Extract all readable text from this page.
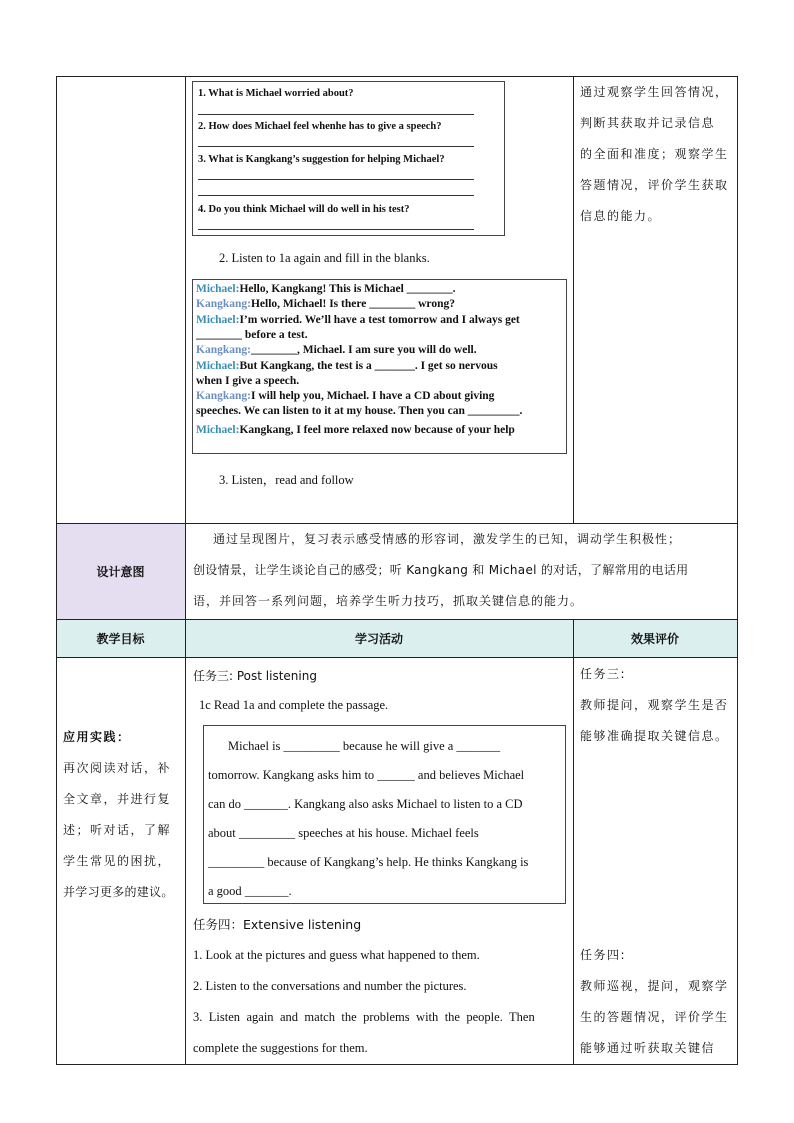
1. What is Michael worried about?
2. How does Michael feel whenhe has to give a speech?
3. What is Kangkang’s suggestion for helping Michael?
4. Do you think Michael will do well in his test?
2. Listen to 1a again and fill in the blanks.
Michael:Hello, Kangkang! This is Michael ________.
Kangkang:Hello, Michael! Is there ________ wrong?
Michael:I’m worried. We’ll have a test tomorrow and I always get
________ before a test.
Kangkang:________, Michael. I am sure you will do well.
Michael:But Kangkang, the test is a _______. I get so nervous
when I give a speech.
Kangkang:I will help you, Michael. I have a CD about giving
speeches. We can listen to it at my house. Then you can _________.
Michael:Kangkang, I feel more relaxed now because of your help
3. Listen，read and follow
通过观察学生回答情况，
判断其获取并记录信息
的全面和准度；观察学生
答题情况，评价学生获取
信息的能力。
设计意图
通过呈现图片，复习表示感受情感的形容词，激发学生的已知，调动学生积极性；
创设情景，让学生谈论自己的感受；听 Kangkang 和 Michael 的对话，了解常用的电话用
语，并回答一系列问题，培养学生听力技巧，抓取关键信息的能力。
教学目标	学习活动	效果评价
应用实践：
再次阅读对话，补
全文章，并进行复
述；听对话，了解
学生常见的困扰，
并学习更多的建议。
任务三: Post listening
1c Read 1a and complete the passage.
Michael is _________ because he will give a _______
tomorrow. Kangkang asks him to ______ and believes Michael
can do _______. Kangkang also asks Michael to listen to a CD
about _________ speeches at his house. Michael feels
_________ because of Kangkang’s help. He thinks Kangkang is
a good _______.
任务四：Extensive listening
1. Look at the pictures and guess what happened to them.
2. Listen to the conversations and number the pictures.
3. Listen again and match the problems with the people. Then
complete the suggestions for them.
任务三:
教师提问，观察学生是否
能够准确提取关键信息。
任务四:
教师巡视，提问，观察学
生的答题情况，评价学生
能够通过听获取关键信
